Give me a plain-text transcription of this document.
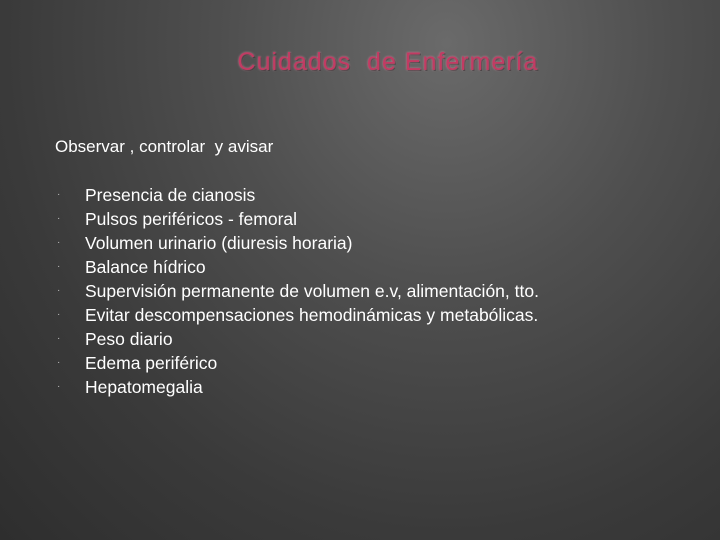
Cuidados  de Enfermería
Observar , controlar  y avisar
·	Presencia de cianosis
·	Pulsos periféricos - femoral
·	Volumen urinario (diuresis horaria)
·	Balance hídrico
·	Supervisión permanente de volumen e.v, alimentación, tto.
·	Evitar descompensaciones hemodinámicas y metabólicas.
·	Peso diario
·	Edema periférico
·	Hepatomegalia
